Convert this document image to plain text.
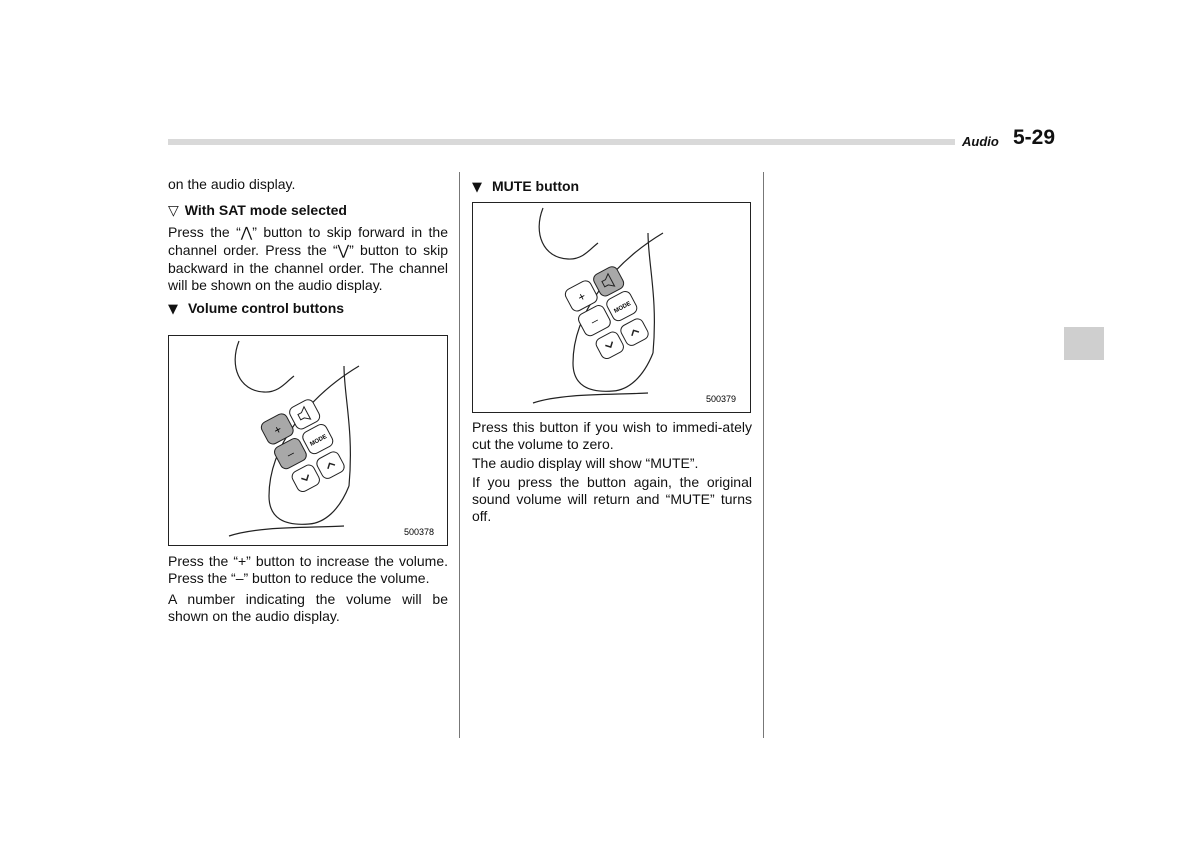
Audio 5-29

on the audio display.

▽ With SAT mode selected

Press the “⋀” button to skip forward in the channel order. Press the “⋁” button to skip backward in the channel order. The channel will be shown on the audio display.

▼ Volume control buttons
+
–
MODE
500378

Press the “+” button to increase the volume. Press the “–” button to reduce the volume.

A number indicating the volume will be shown on the audio display.

▼ MUTE button
+
–
MODE
500379

Press this button if you wish to immedi-ately cut the volume to zero.

The audio display will show “MUTE”.

If you press the button again, the original sound volume will return and “MUTE” turns off.
